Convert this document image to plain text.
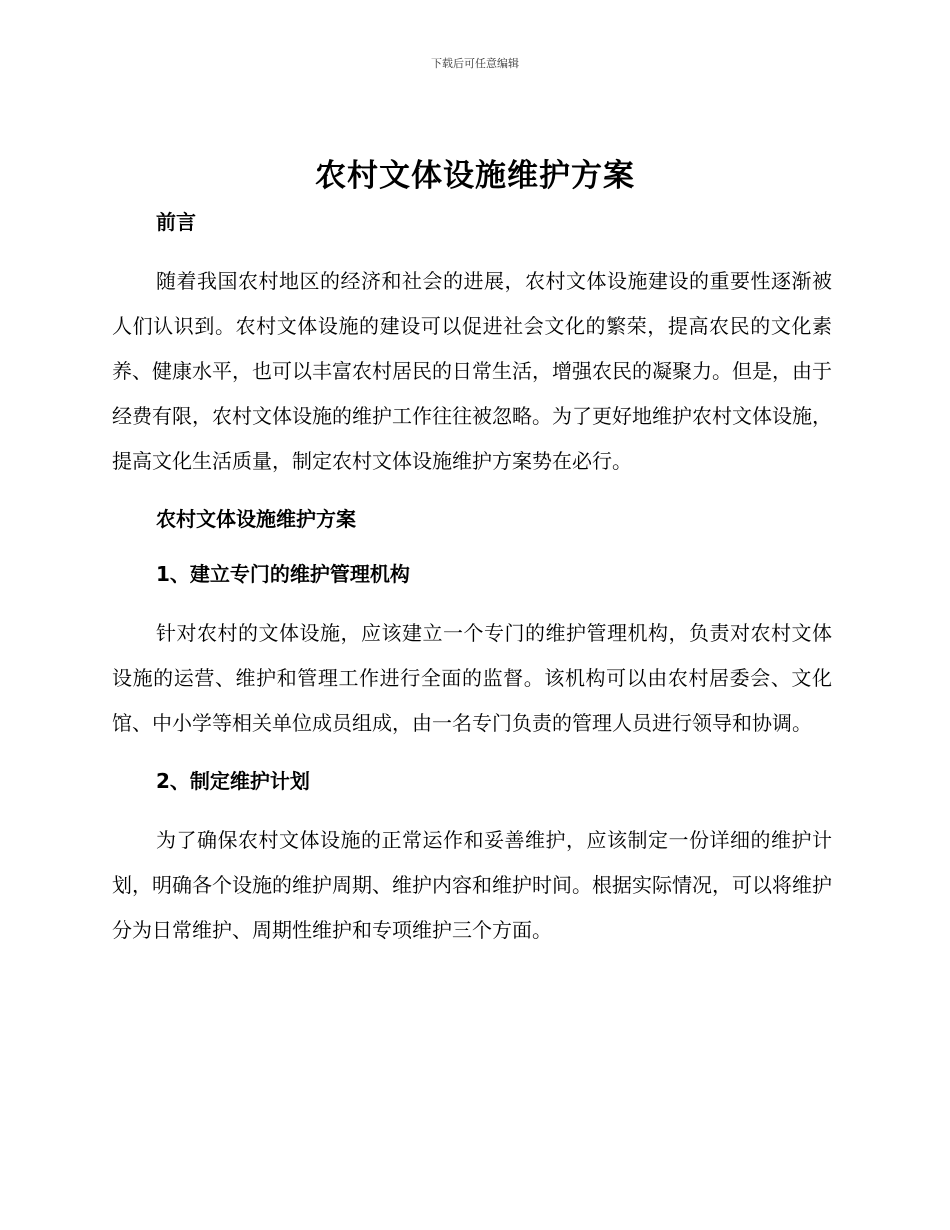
下载后可任意编辑
农村文体设施维护方案
前言

随着我国农村地区的经济和社会的进展，农村文体设施建设的重要性逐渐被人们认识到。农村文体设施的建设可以促进社会文化的繁荣，提高农民的文化素养、健康水平，也可以丰富农村居民的日常生活，增强农民的凝聚力。但是，由于经费有限，农村文体设施的维护工作往往被忽略。为了更好地维护农村文体设施，提高文化生活质量，制定农村文体设施维护方案势在必行。

农村文体设施维护方案
1、建立专门的维护管理机构

针对农村的文体设施，应该建立一个专门的维护管理机构，负责对农村文体设施的运营、维护和管理工作进行全面的监督。该机构可以由农村居委会、文化馆、中小学等相关单位成员组成，由一名专门负责的管理人员进行领导和协调。

2、制定维护计划

为了确保农村文体设施的正常运作和妥善维护，应该制定一份详细的维护计划，明确各个设施的维护周期、维护内容和维护时间。根据实际情况，可以将维护分为日常维护、周期性维护和专项维护三个方面。
